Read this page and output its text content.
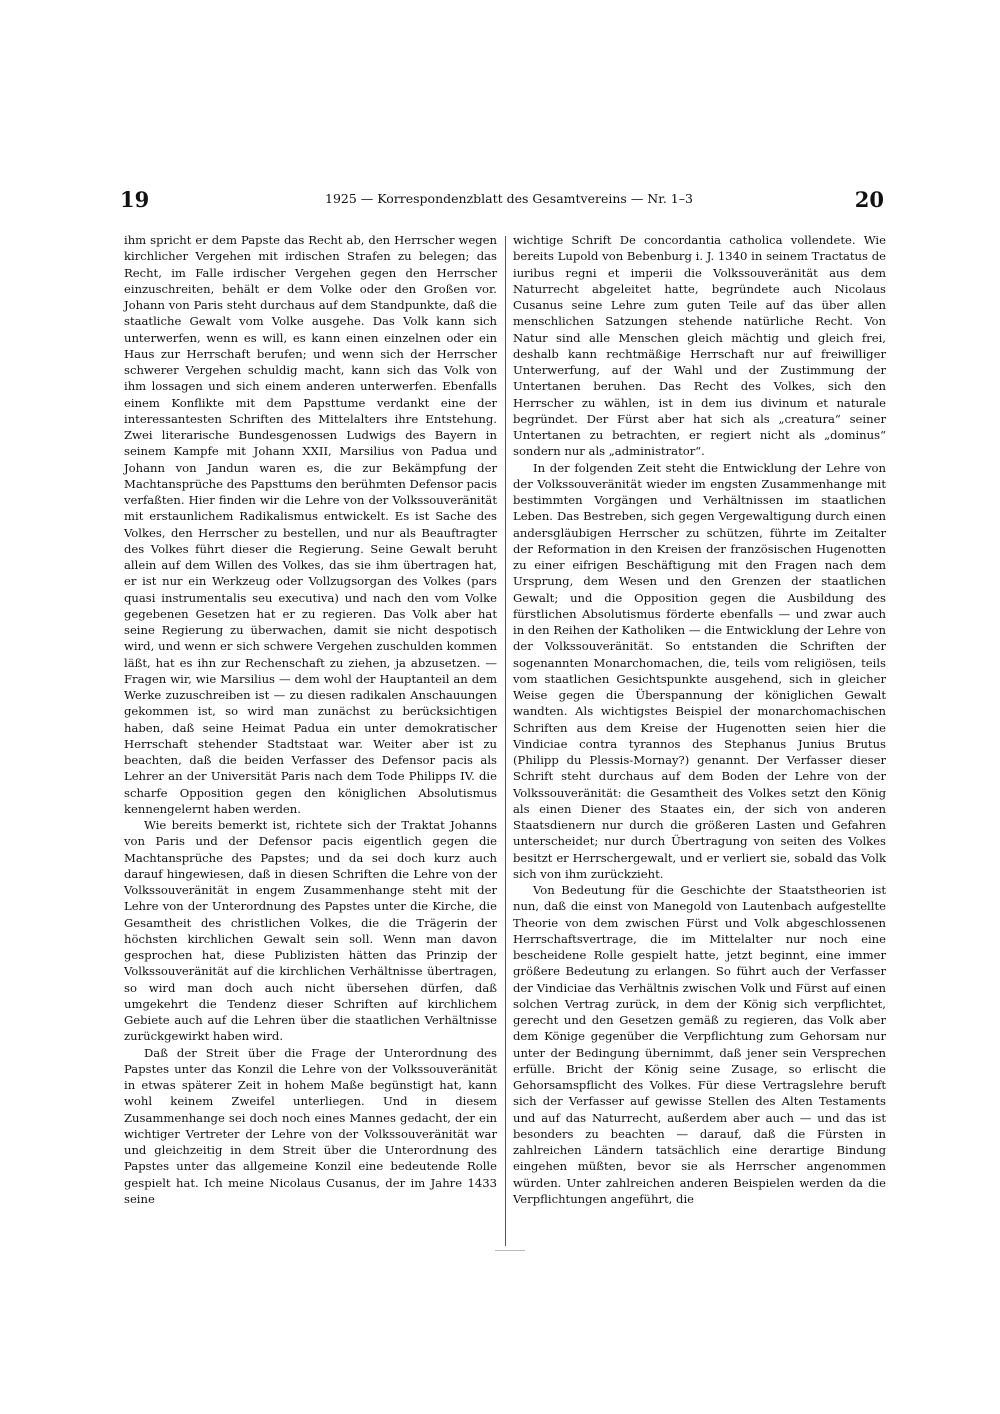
19	1925 — Korrespondenzblatt des Gesamtvereins — Nr. 1–3	20

ihm spricht er dem Papste das Recht ab, den Herrscher wegen kirchlicher Vergehen mit irdischen Strafen zu belegen; das Recht, im Falle irdischer Vergehen gegen den Herrscher einzuschreiten, behält er dem Volke oder den Großen vor. Johann von Paris steht durchaus auf dem Standpunkte, daß die staatliche Gewalt vom Volke ausgehe. Das Volk kann sich unterwerfen, wenn es will, es kann einen einzelnen oder ein Haus zur Herrschaft berufen; und wenn sich der Herrscher schwerer Vergehen schuldig macht, kann sich das Volk von ihm lossagen und sich einem anderen unterwerfen. Ebenfalls einem Konflikte mit dem Papsttume verdankt eine der interessantesten Schriften des Mittelalters ihre Entstehung. Zwei literarische Bundesgenossen Ludwigs des Bayern in seinem Kampfe mit Johann XXII, Marsilius von Padua und Johann von Jandun waren es, die zur Bekämpfung der Machtansprüche des Papsttums den berühmten Defensor pacis verfaßten. Hier finden wir die Lehre von der Volkssouveränität mit erstaunlichem Radikalismus entwickelt. Es ist Sache des Volkes, den Herrscher zu bestellen, und nur als Beauftragter des Volkes führt dieser die Regierung. Seine Gewalt beruht allein auf dem Willen des Volkes, das sie ihm übertragen hat, er ist nur ein Werkzeug oder Vollzugsorgan des Volkes (pars quasi instrumentalis seu executiva) und nach den vom Volke gegebenen Gesetzen hat er zu regieren. Das Volk aber hat seine Regierung zu überwachen, damit sie nicht despotisch wird, und wenn er sich schwere Vergehen zuschulden kommen läßt, hat es ihn zur Rechenschaft zu ziehen, ja abzusetzen. — Fragen wir, wie Marsilius — dem wohl der Hauptanteil an dem Werke zuzuschreiben ist — zu diesen radikalen Anschauungen gekommen ist, so wird man zunächst zu berücksichtigen haben, daß seine Heimat Padua ein unter demokratischer Herrschaft stehender Stadtstaat war. Weiter aber ist zu beachten, daß die beiden Verfasser des Defensor pacis als Lehrer an der Universität Paris nach dem Tode Philipps IV. die scharfe Opposition gegen den königlichen Absolutismus kennengelernt haben werden.

Wie bereits bemerkt ist, richtete sich der Traktat Johanns von Paris und der Defensor pacis eigentlich gegen die Machtansprüche des Papstes; und da sei doch kurz auch darauf hingewiesen, daß in diesen Schriften die Lehre von der Volkssouveränität in engem Zusammenhange steht mit der Lehre von der Unterordnung des Papstes unter die Kirche, die Gesamtheit des christlichen Volkes, die die Trägerin der höchsten kirchlichen Gewalt sein soll. Wenn man davon gesprochen hat, diese Publizisten hätten das Prinzip der Volkssouveränität auf die kirchlichen Verhältnisse übertragen, so wird man doch auch nicht übersehen dürfen, daß umgekehrt die Tendenz dieser Schriften auf kirchlichem Gebiete auch auf die Lehren über die staatlichen Verhältnisse zurückgewirkt haben wird.

Daß der Streit über die Frage der Unterordnung des Papstes unter das Konzil die Lehre von der Volkssouveränität in etwas späterer Zeit in hohem Maße begünstigt hat, kann wohl keinem Zweifel unterliegen. Und in diesem Zusammenhange sei doch noch eines Mannes gedacht, der ein wichtiger Vertreter der Lehre von der Volkssouveränität war und gleichzeitig in dem Streit über die Unterordnung des Papstes unter das allgemeine Konzil eine bedeutende Rolle gespielt hat. Ich meine Nicolaus Cusanus, der im Jahre 1433 seine

wichtige Schrift De concordantia catholica vollendete. Wie bereits Lupold von Bebenburg i. J. 1340 in seinem Tractatus de iuribus regni et imperii die Volkssouveränität aus dem Naturrecht abgeleitet hatte, begründete auch Nicolaus Cusanus seine Lehre zum guten Teile auf das über allen menschlichen Satzungen stehende natürliche Recht. Von Natur sind alle Menschen gleich mächtig und gleich frei, deshalb kann rechtmäßige Herrschaft nur auf freiwilliger Unterwerfung, auf der Wahl und der Zustimmung der Untertanen beruhen. Das Recht des Volkes, sich den Herrscher zu wählen, ist in dem ius divinum et naturale begründet. Der Fürst aber hat sich als „creatura“ seiner Untertanen zu betrachten, er regiert nicht als „dominus“ sondern nur als „administrator“.

In der folgenden Zeit steht die Entwicklung der Lehre von der Volkssouveränität wieder im engsten Zusammenhange mit bestimmten Vorgängen und Verhältnissen im staatlichen Leben. Das Bestreben, sich gegen Vergewaltigung durch einen andersgläubigen Herrscher zu schützen, führte im Zeitalter der Reformation in den Kreisen der französischen Hugenotten zu einer eifrigen Beschäftigung mit den Fragen nach dem Ursprung, dem Wesen und den Grenzen der staatlichen Gewalt; und die Opposition gegen die Ausbildung des fürstlichen Absolutismus förderte ebenfalls — und zwar auch in den Reihen der Katholiken — die Entwicklung der Lehre von der Volkssouveränität. So entstanden die Schriften der sogenannten Monarchomachen, die, teils vom religiösen, teils vom staatlichen Gesichtspunkte ausgehend, sich in gleicher Weise gegen die Überspannung der königlichen Gewalt wandten. Als wichtigstes Beispiel der monarchomachischen Schriften aus dem Kreise der Hugenotten seien hier die Vindiciae contra tyrannos des Stephanus Junius Brutus (Philipp du Plessis-Mornay?) genannt. Der Verfasser dieser Schrift steht durchaus auf dem Boden der Lehre von der Volkssouveränität: die Gesamtheit des Volkes setzt den König als einen Diener des Staates ein, der sich von anderen Staatsdienern nur durch die größeren Lasten und Gefahren unterscheidet; nur durch Übertragung von seiten des Volkes besitzt er Herrschergewalt, und er verliert sie, sobald das Volk sich von ihm zurückzieht.

Von Bedeutung für die Geschichte der Staatstheorien ist nun, daß die einst von Manegold von Lautenbach aufgestellte Theorie von dem zwischen Fürst und Volk abgeschlossenen Herrschaftsvertrage, die im Mittelalter nur noch eine bescheidene Rolle gespielt hatte, jetzt beginnt, eine immer größere Bedeutung zu erlangen. So führt auch der Verfasser der Vindiciae das Verhältnis zwischen Volk und Fürst auf einen solchen Vertrag zurück, in dem der König sich verpflichtet, gerecht und den Gesetzen gemäß zu regieren, das Volk aber dem Könige gegenüber die Verpflichtung zum Gehorsam nur unter der Bedingung übernimmt, daß jener sein Versprechen erfülle. Bricht der König seine Zusage, so erlischt die Gehorsamspflicht des Volkes. Für diese Vertragslehre beruft sich der Verfasser auf gewisse Stellen des Alten Testaments und auf das Naturrecht, außerdem aber auch — und das ist besonders zu beachten — darauf, daß die Fürsten in zahlreichen Ländern tatsächlich eine derartige Bindung eingehen müßten, bevor sie als Herrscher angenommen würden. Unter zahlreichen anderen Beispielen werden da die Verpflichtungen angeführt, die
